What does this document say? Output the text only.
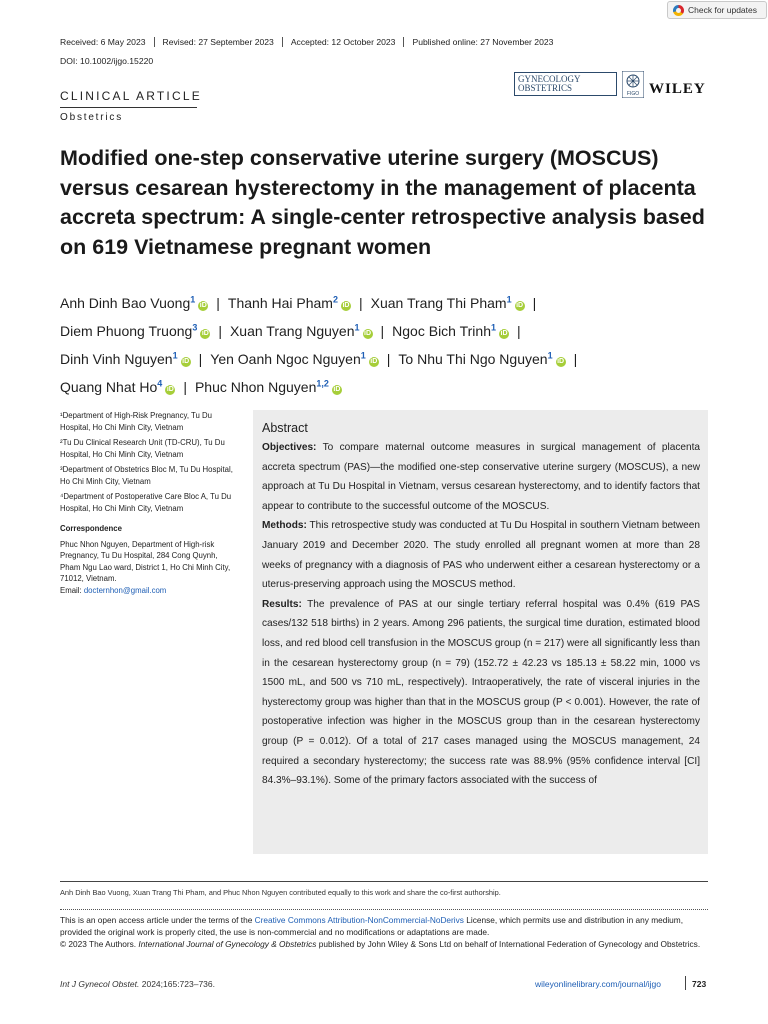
Check for updates
Received: 6 May 2023	Revised: 27 September 2023	Accepted: 12 October 2023	Published online: 27 November 2023
DOI: 10.1002/ijgo.15220
GYNECOLOGY
OBSTETRICS
FIGO WILEY
CLINICAL ARTICLE
Obstetrics
Modified one-step conservative uterine surgery (MOSCUS) versus cesarean hysterectomy in the management of placenta accreta spectrum: A single-center retrospective analysis based on 619 Vietnamese pregnant women
Anh Dinh Bao Vuong$^1$iD | Thanh Hai Pham$^2$iD | Xuan Trang Thi Pham$^1$iD |
Diem Phuong Truong$^3$iD | Xuan Trang Nguyen$^1$iD | Ngoc Bich Trinh$^1$iD |
Dinh Vinh Nguyen$^1$iD | Yen Oanh Ngoc Nguyen$^1$iD | To Nhu Thi Ngo Nguyen$^1$iD |
Quang Nhat Ho$^4$iD | Phuc Nhon Nguyen$^{1,2}$iD

¹Department of High-Risk Pregnancy, Tu Du Hospital, Ho Chi Minh City, Vietnam

²Tu Du Clinical Research Unit (TD-CRU), Tu Du Hospital, Ho Chi Minh City, Vietnam

³Department of Obstetrics Bloc M, Tu Du Hospital, Ho Chi Minh City, Vietnam

⁴Department of Postoperative Care Bloc A, Tu Du Hospital, Ho Chi Minh City, Vietnam

Correspondence

Phuc Nhon Nguyen, Department of High-risk Pregnancy, Tu Du Hospital, 284 Cong Quynh, Pham Ngu Lao ward, District 1, Ho Chi Minh City, 71012, Vietnam.
Email: docternhon@gmail.com

Abstract

Objectives: To compare maternal outcome measures in surgical management of placenta accreta spectrum (PAS)—the modified one-step conservative uterine surgery (MOSCUS), a new approach at Tu Du Hospital in Vietnam, versus cesarean hysterectomy, and to identify factors that appear to contribute to the successful outcome of the MOSCUS.

Methods: This retrospective study was conducted at Tu Du Hospital in southern Vietnam between January 2019 and December 2020. The study enrolled all pregnant women at more than 28 weeks of pregnancy with a diagnosis of PAS who underwent either a cesarean hysterectomy or a uterus-preserving approach using the MOSCUS method.

Results: The prevalence of PAS at our single tertiary referral hospital was 0.4% (619 PAS cases/132 518 births) in 2 years. Among 296 patients, the surgical time duration, estimated blood loss, and red blood cell transfusion in the MOSCUS group (n = 217) were all significantly less than in the cesarean hysterectomy group (n = 79) (152.72 ± 42.23 vs 185.13 ± 58.22 min, 1000 vs 1500 mL, and 500 vs 710 mL, respectively). Intraoperatively, the rate of visceral injuries in the hysterectomy group was higher than that in the MOSCUS group (P < 0.001). However, the rate of postoperative infection was higher in the MOSCUS group than in the cesarean hysterectomy group (P = 0.012). Of a total of 217 cases managed using the MOSCUS management, 24 required a secondary hysterectomy; the success rate was 88.9% (95% confidence interval [CI] 84.3%–93.1%). Some of the primary factors associated with the success of

Anh Dinh Bao Vuong, Xuan Trang Thi Pham, and Phuc Nhon Nguyen contributed equally to this work and share the co-first authorship.
This is an open access article under the terms of the Creative Commons Attribution-NonCommercial-NoDerivs License, which permits use and distribution in any medium, provided the original work is properly cited, the use is non-commercial and no modifications or adaptations are made.
© 2023 The Authors. International Journal of Gynecology & Obstetrics published by John Wiley & Sons Ltd on behalf of International Federation of Gynecology and Obstetrics.
Int J Gynecol Obstet. 2024;165:723–736.	wileyonlinelibrary.com/journal/ijgo	723
